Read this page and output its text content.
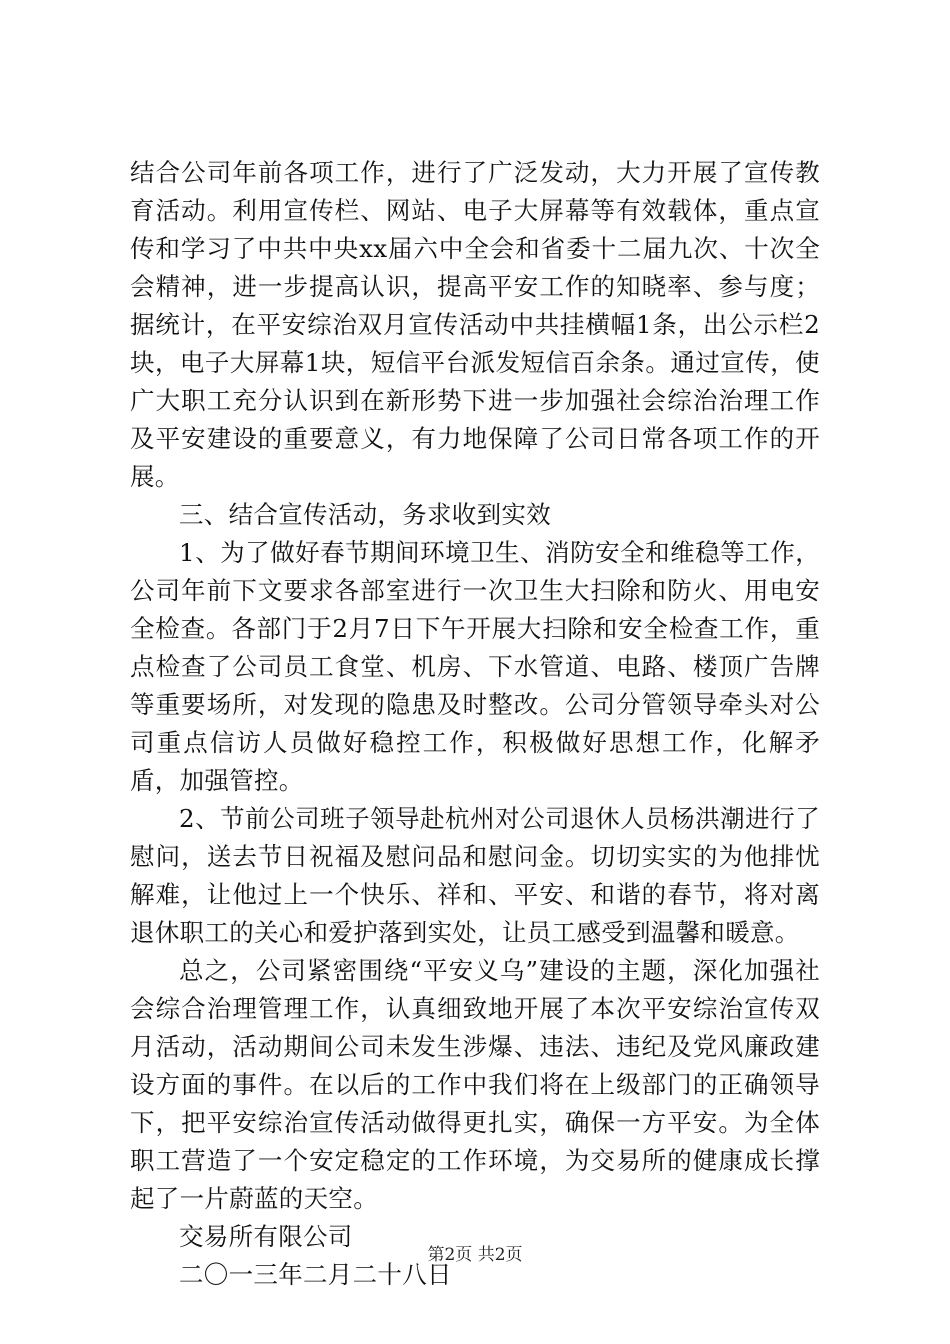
结合公司年前各项工作，进行了广泛发动，大力开展了宣传教育活动。利用宣传栏、网站、电子大屏幕等有效载体，重点宣传和学习了中共中央xx届六中全会和省委十二届九次、十次全会精神，进一步提高认识，提高平安工作的知晓率、参与度；据统计，在平安综治双月宣传活动中共挂横幅1条，出公示栏2块，电子大屏幕1块，短信平台派发短信百余条。通过宣传，使广大职工充分认识到在新形势下进一步加强社会综治治理工作及平安建设的重要意义，有力地保障了公司日常各项工作的开展。

三、结合宣传活动，务求收到实效

1、为了做好春节期间环境卫生、消防安全和维稳等工作，公司年前下文要求各部室进行一次卫生大扫除和防火、用电安全检查。各部门于2月7日下午开展大扫除和安全检查工作，重点检查了公司员工食堂、机房、下水管道、电路、楼顶广告牌等重要场所，对发现的隐患及时整改。公司分管领导牵头对公司重点信访人员做好稳控工作，积极做好思想工作，化解矛盾，加强管控。

2、节前公司班子领导赴杭州对公司退休人员杨洪潮进行了慰问，送去节日祝福及慰问品和慰问金。切切实实的为他排忧解难，让他过上一个快乐、祥和、平安、和谐的春节，将对离退休职工的关心和爱护落到实处，让员工感受到温馨和暖意。

总之，公司紧密围绕“平安义乌”建设的主题，深化加强社会综合治理管理工作，认真细致地开展了本次平安综治宣传双月活动，活动期间公司未发生涉爆、违法、违纪及党风廉政建设方面的事件。在以后的工作中我们将在上级部门的正确领导下，把平安综治宣传活动做得更扎实，确保一方平安。为全体职工营造了一个安定稳定的工作环境，为交易所的健康成长撑起了一片蔚蓝的天空。

交易所有限公司

二〇一三年二月二十八日

第2页 共2页
